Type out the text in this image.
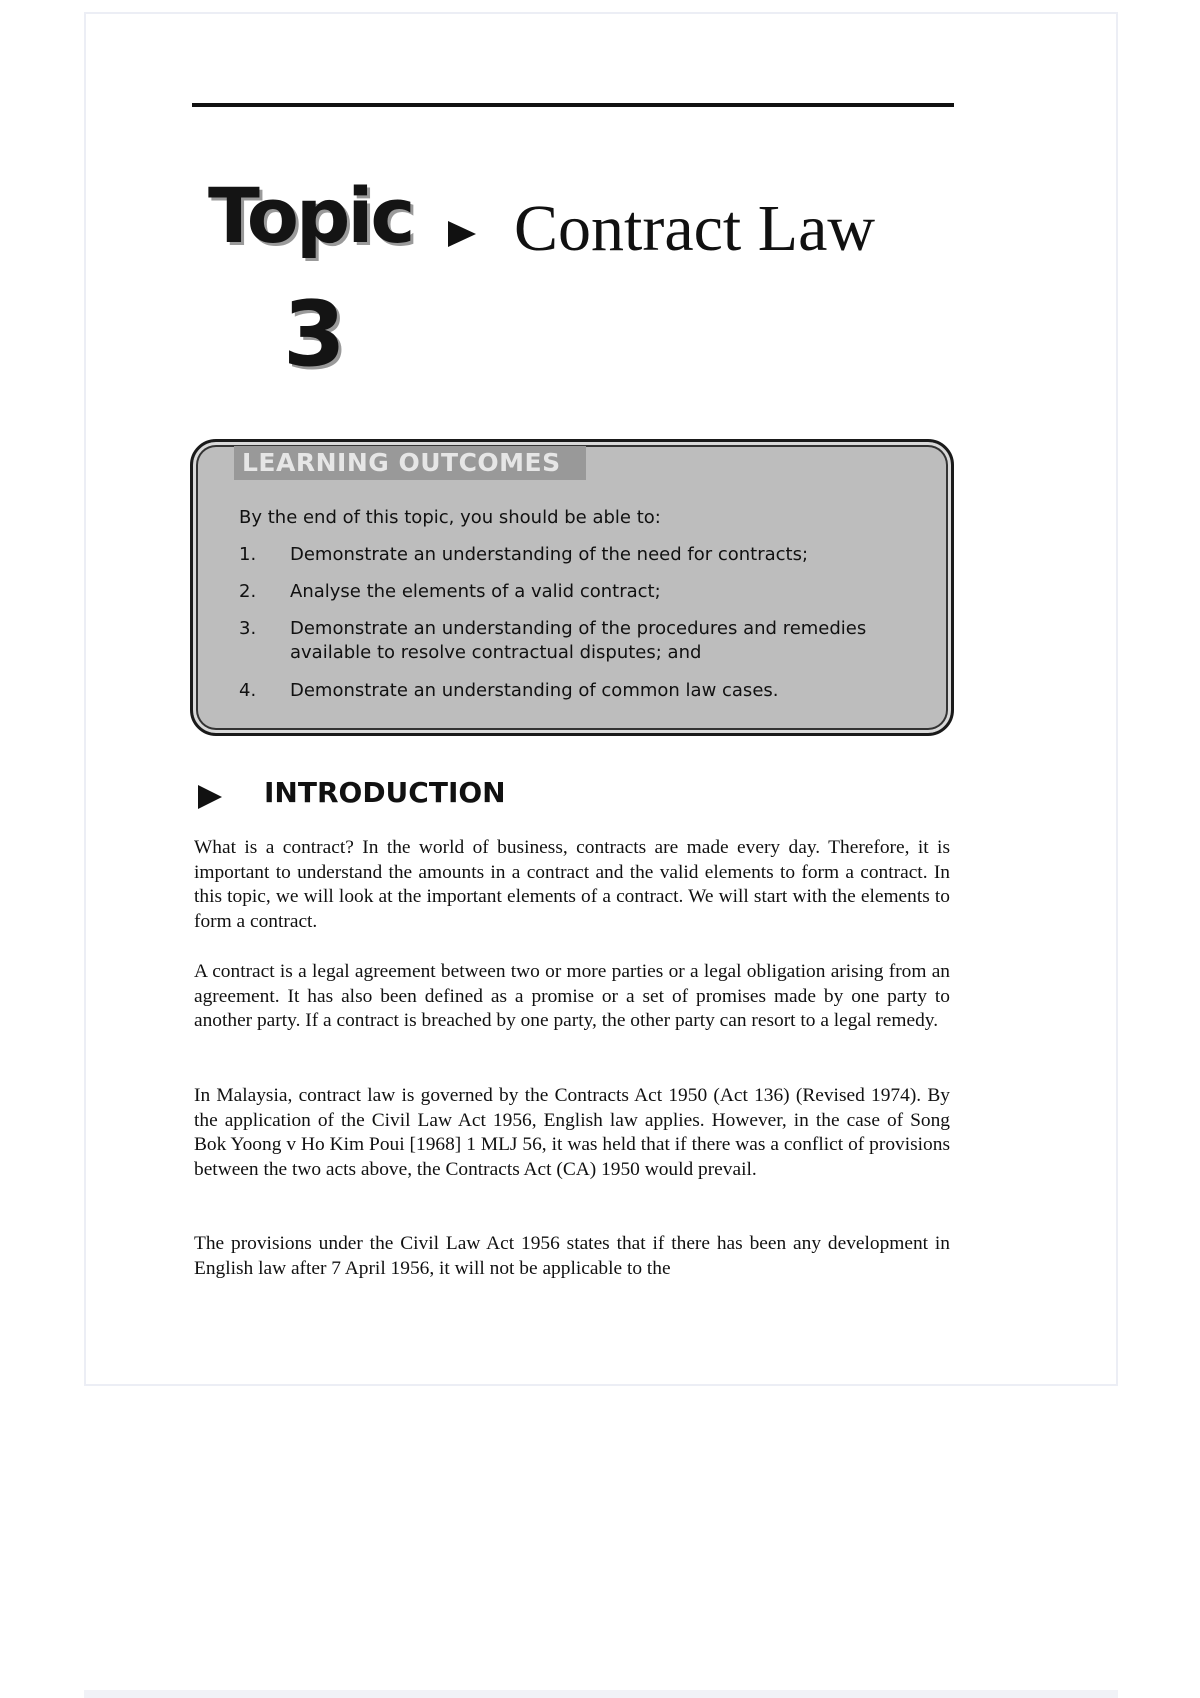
Topic
3
Contract Law
LEARNING OUTCOMES
By the end of this topic, you should be able to:
1. Demonstrate an understanding of the need for contracts;
2. Analyse the elements of a valid contract;
3. Demonstrate an understanding of the procedures and remedies available to resolve contractual disputes; and
4. Demonstrate an understanding of common law cases.
INTRODUCTION

What is a contract? In the world of business, contracts are made every day. Therefore, it is important to understand the amounts in a contract and the valid elements to form a contract. In this topic, we will look at the important elements of a contract. We will start with the elements to form a contract.

A contract is a legal agreement between two or more parties or a legal obligation arising from an agreement. It has also been defined as a promise or a set of promises made by one party to another party. If a contract is breached by one party, the other party can resort to a legal remedy.

In Malaysia, contract law is governed by the Contracts Act 1950 (Act 136) (Revised 1974). By the application of the Civil Law Act 1956, English law applies. However, in the case of Song Bok Yoong v Ho Kim Poui [1968] 1 MLJ 56, it was held that if there was a conflict of provisions between the two acts above, the Contracts Act (CA) 1950 would prevail.

The provisions under the Civil Law Act 1956 states that if there has been any development in English law after 7 April 1956, it will not be applicable to the
